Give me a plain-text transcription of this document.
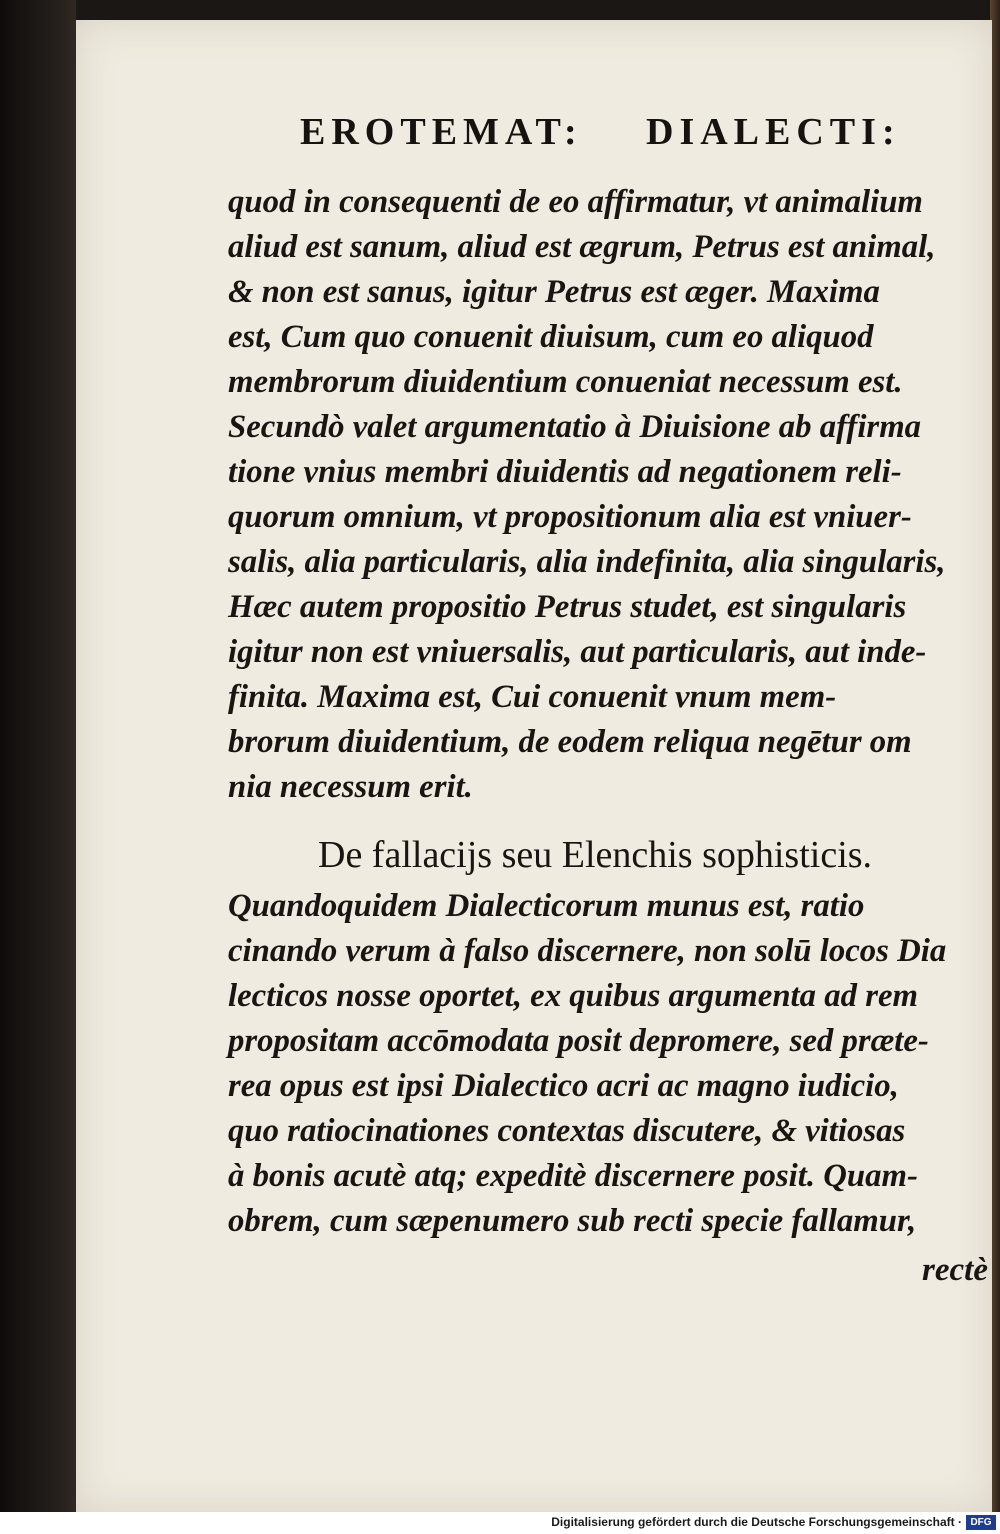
EROTEMAT: DIALECTI:
quod in consequenti de eo affirmatur, vt animalium
aliud est sanum, aliud est ægrum, Petrus est animal,
& non est sanus, igitur Petrus est æger. Maxima
est, Cum quo conuenit diuisum, cum eo aliquod
membrorum diuidentium conueniat necessum est.
Secundò valet argumentatio à Diuisione ab affirma
tione vnius membri diuidentis ad negationem reli-
quorum omnium, vt propositionum alia est vniuer-
salis, alia particularis, alia indefinita, alia singularis,
Hæc autem propositio Petrus studet, est singularis
igitur non est vniuersalis, aut particularis, aut inde-
finita. Maxima est, Cui conuenit vnum mem-
brorum diuidentium, de eodem reliqua negētur om
nia necessum erit.
De fallacijs seu Elenchis sophisticis.
Quandoquidem Dialecticorum munus est, ratio
cinando verum à falso discernere, non solū locos Dia
lecticos nosse oportet, ex quibus argumenta ad rem
propositam accōmodata posit depromere, sed præte-
rea opus est ipsi Dialectico acri ac magno iudicio,
quo ratiocinationes contextas discutere, & vitiosas
à bonis acutè atq; expeditè discernere posit. Quam-
obrem, cum sæpenumero sub recti specie fallamur,
rectè
Digitalisierung gefördert durch die Deutsche Forschungsgemeinschaft · DFG
